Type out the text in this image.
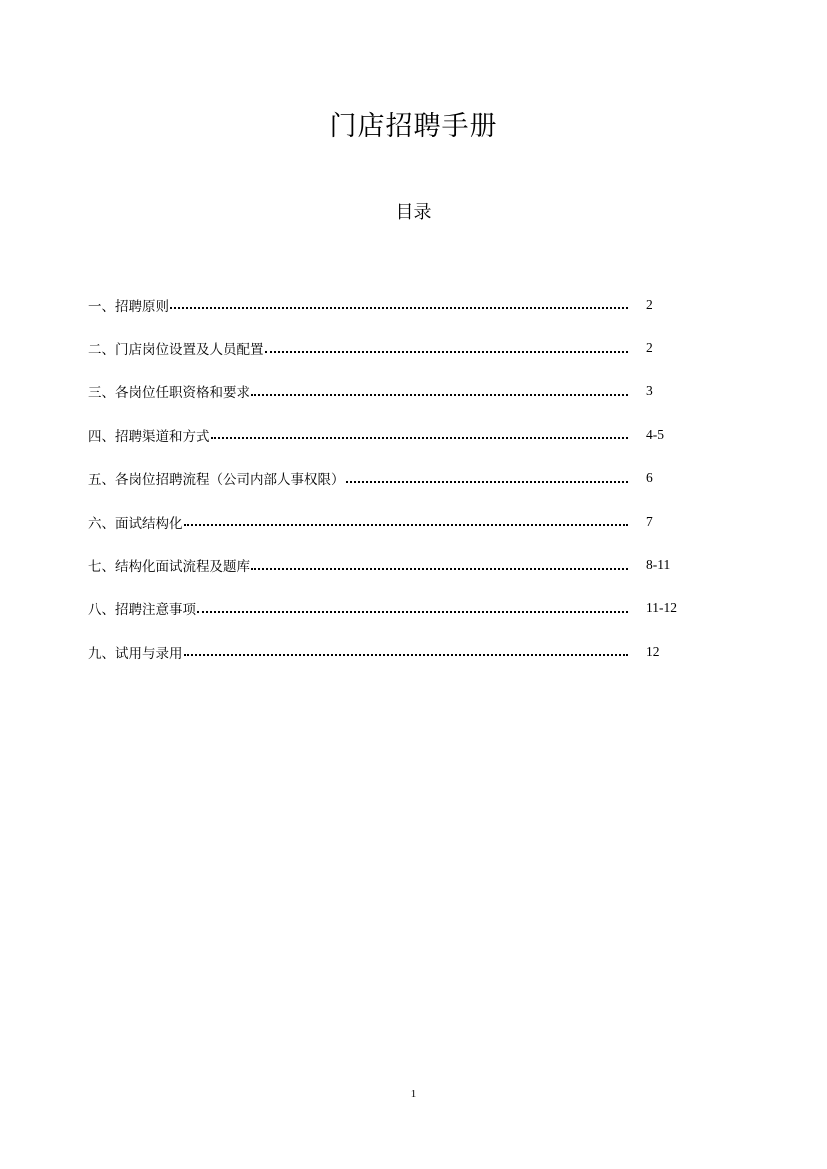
门店招聘手册
目录
一、招聘原则	2
二、门店岗位设置及人员配置	2
三、各岗位任职资格和要求	3
四、招聘渠道和方式	4-5
五、各岗位招聘流程（公司内部人事权限）	6
六、面试结构化	7
七、结构化面试流程及题库	8-11
八、招聘注意事项	11-12
九、试用与录用	12
1
